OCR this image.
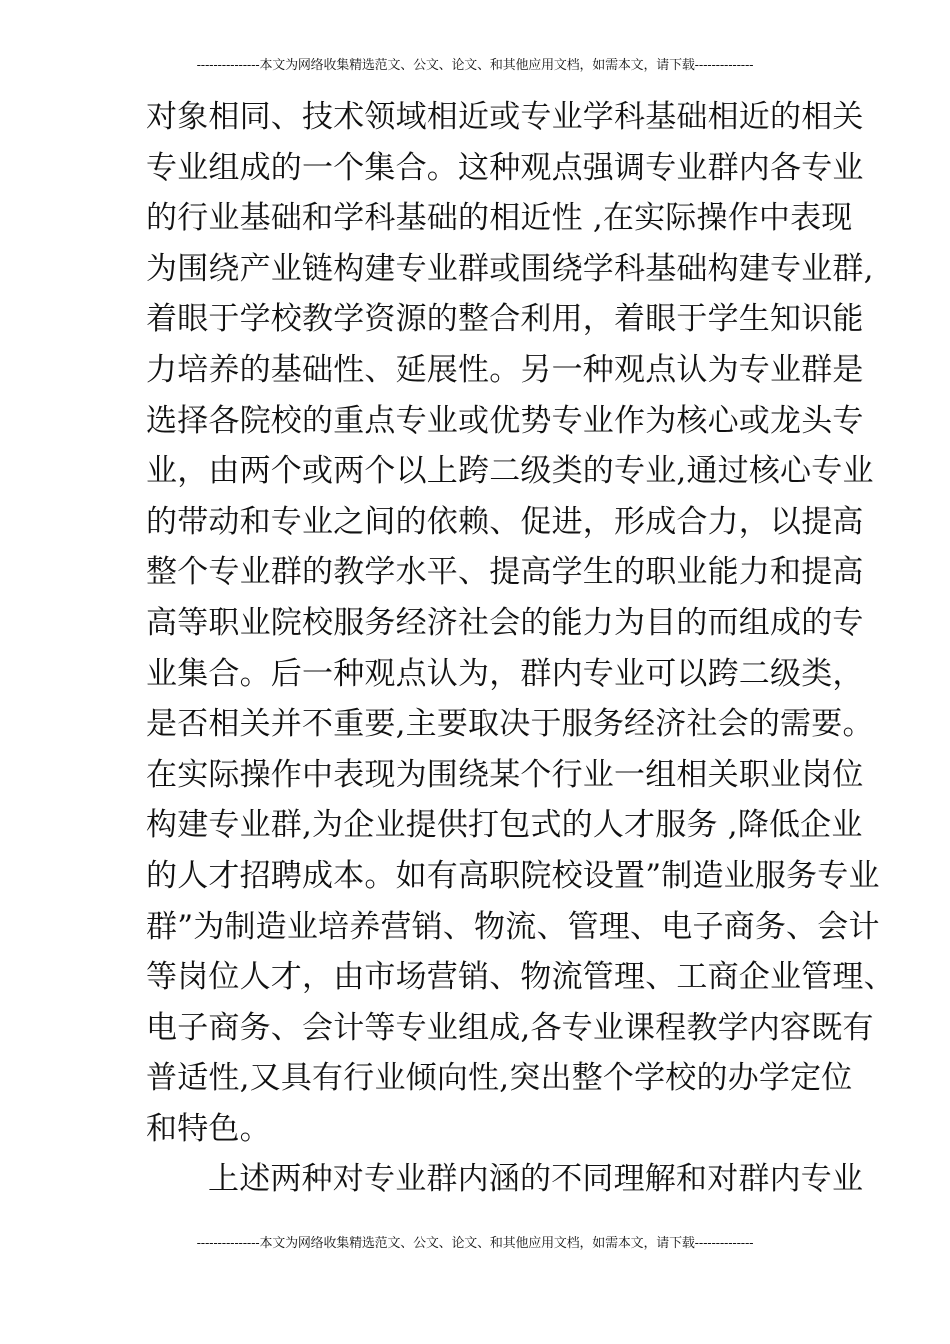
---------------本文为网络收集精选范文、公文、论文、和其他应用文档，如需本文，请下载--------------
对象相同、技术领域相近或专业学科基础相近的相关
专业组成的一个集合。这种观点强调专业群内各专业
的行业基础和学科基础的相近性 ,在实际操作中表现
为围绕产业链构建专业群或围绕学科基础构建专业群,
着眼于学校教学资源的整合利用，着眼于学生知识能
力培养的基础性、延展性。另一种观点认为专业群是
选择各院校的重点专业或优势专业作为核心或龙头专
业，由两个或两个以上跨二级类的专业,通过核心专业
的带动和专业之间的依赖、促进，形成合力，以提高
整个专业群的教学水平、提高学生的职业能力和提高
高等职业院校服务经济社会的能力为目的而组成的专
业集合。后一种观点认为，群内专业可以跨二级类，
是否相关并不重要,主要取决于服务经济社会的需要。
在实际操作中表现为围绕某个行业一组相关职业岗位
构建专业群,为企业提供打包式的人才服务 ,降低企业
的人才招聘成本。如有高职院校设置”制造业服务专业
群”为制造业培养营销、物流、管理、电子商务、会计
等岗位人才，由市场营销、物流管理、工商企业管理、
电子商务、会计等专业组成,各专业课程教学内容既有
普适性,又具有行业倾向性,突出整个学校的办学定位
和特色。
上述两种对专业群内涵的不同理解和对群内专业
---------------本文为网络收集精选范文、公文、论文、和其他应用文档，如需本文，请下载--------------
